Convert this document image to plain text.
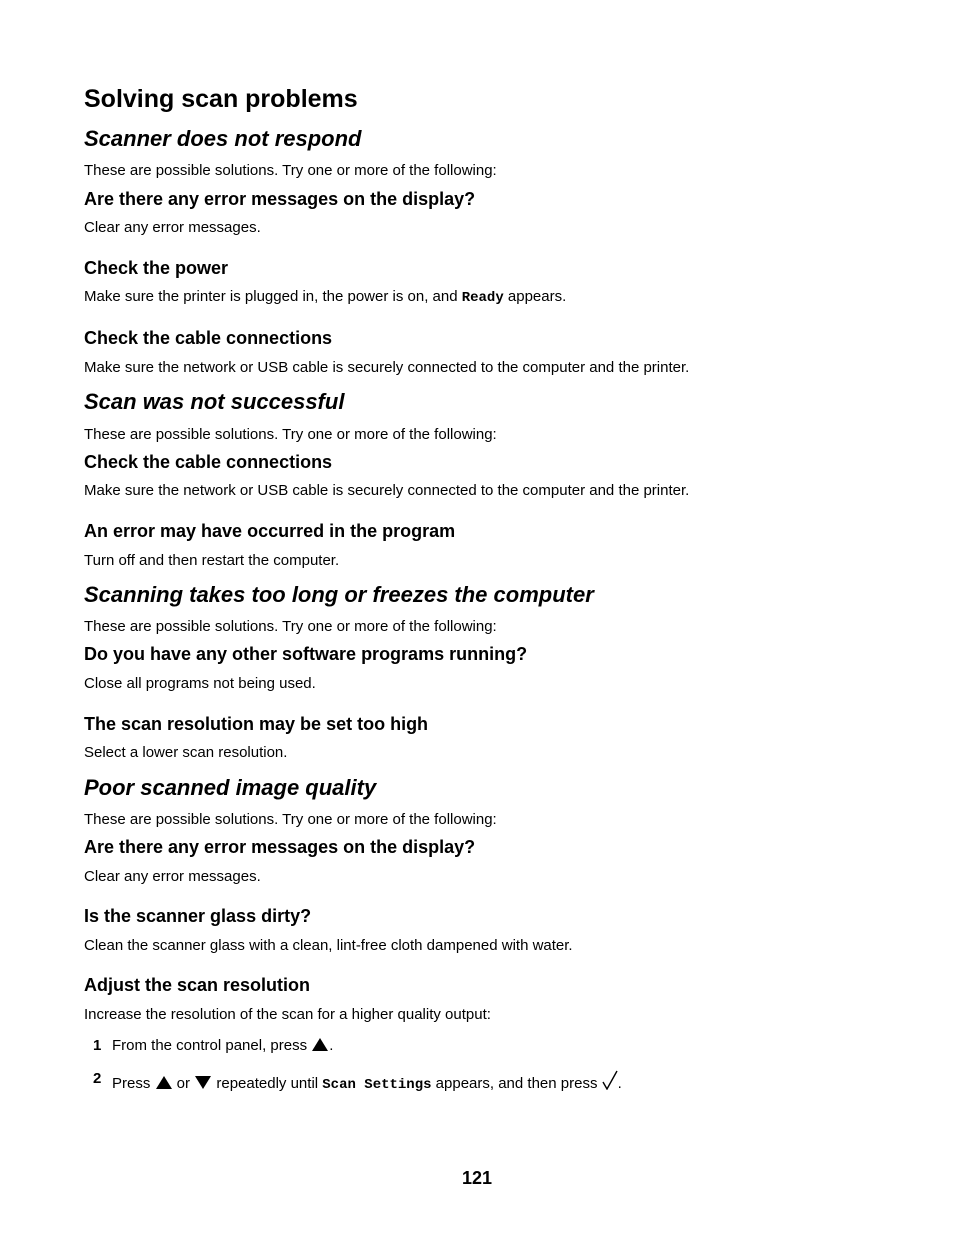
Solving scan problems
Scanner does not respond
These are possible solutions. Try one or more of the following:
Are there any error messages on the display?
Clear any error messages.
Check the power
Make sure the printer is plugged in, the power is on, and Ready appears.
Check the cable connections
Make sure the network or USB cable is securely connected to the computer and the printer.
Scan was not successful
These are possible solutions. Try one or more of the following:
Check the cable connections
Make sure the network or USB cable is securely connected to the computer and the printer.
An error may have occurred in the program
Turn off and then restart the computer.
Scanning takes too long or freezes the computer
These are possible solutions. Try one or more of the following:
Do you have any other software programs running?
Close all programs not being used.
The scan resolution may be set too high
Select a lower scan resolution.
Poor scanned image quality
These are possible solutions. Try one or more of the following:
Are there any error messages on the display?
Clear any error messages.
Is the scanner glass dirty?
Clean the scanner glass with a clean, lint-free cloth dampened with water.
Adjust the scan resolution
Increase the resolution of the scan for a higher quality output:
1 From the control panel, press .
2 Press  or  repeatedly until Scan Settings appears, and then press .
121
